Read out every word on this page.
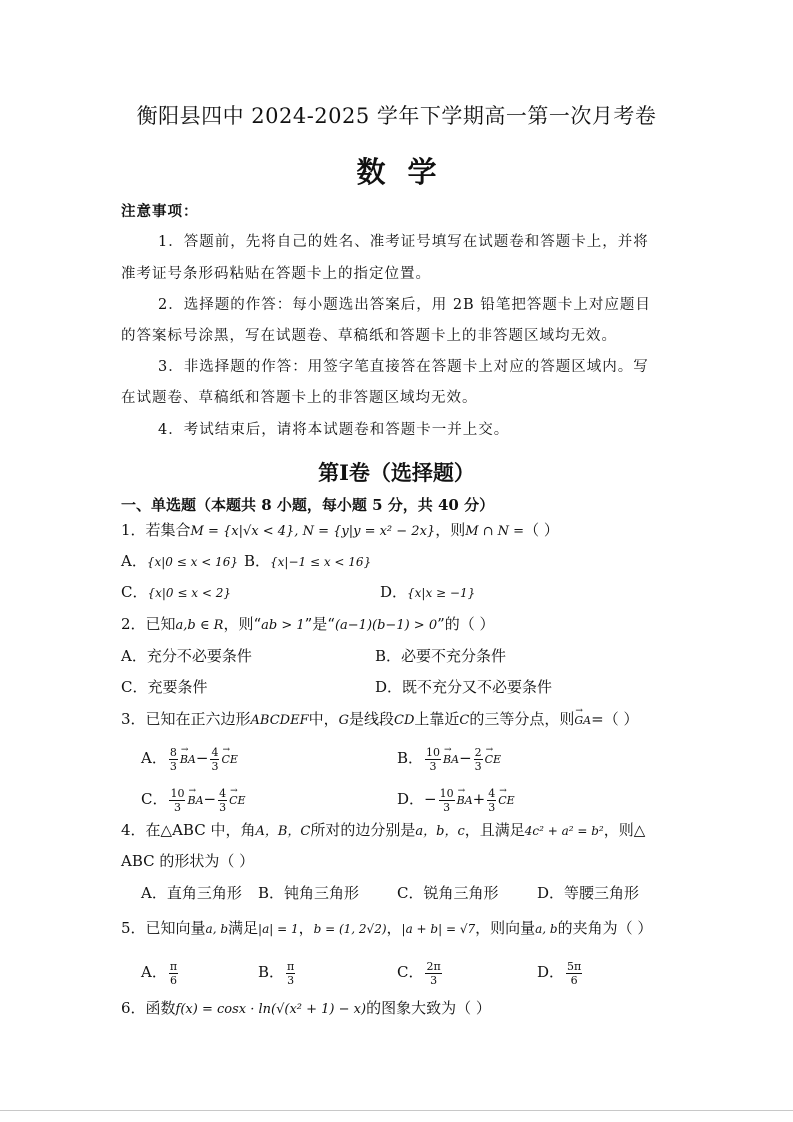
衡阳县四中 2024-2025 学年下学期高一第一次月考卷
数学
注意事项：
1．答题前，先将自己的姓名、准考证号填写在试题卷和答题卡上，并将
准考证号条形码粘贴在答题卡上的指定位置。
2．选择题的作答：每小题选出答案后，用 2B 铅笔把答题卡上对应题目
的答案标号涂黑，写在试题卷、草稿纸和答题卡上的非答题区域均无效。
3．非选择题的作答：用签字笔直接答在答题卡上对应的答题区域内。写
在试题卷、草稿纸和答题卡上的非答题区域均无效。
4．考试结束后，请将本试题卷和答题卡一并上交。
第Ⅰ卷（选择题）
一、单选题（本题共 8 小题，每小题 5 分，共 40 分）
1．若集合M = {x|√x < 4}, N = {y|y = x² − 2x}，则M ∩ N =（ ）
A．{x|0 ≤ x < 16} B．{x|−1 ≤ x < 16}
C．{x|0 ≤ x < 2}	D．{x|x ≥ −1}
2．已知a,b ∈ R，则“ab > 1”是“(a−1)(b−1) > 0”的（ ）
A．充分不必要条件	B．必要不充分条件
C．充要条件	D．既不充分又不必要条件
3．已知在正六边形ABCDEF中，G是线段CD上靠近C的三等分点，则→ GA=（ ）
A． $\frac{8}{3}$
→ $BA- \frac{4}{3}$
→ CE	B． $\frac{10}{3}$
→ $BA- \frac{2}{3}$
→ CE
C． $\frac{10}{3}$
→ $BA- \frac{4}{3}$
→ CE	D．− $\frac{10}{3}$
→ $BA+ \frac{4}{3}$
→ CE
4．在△ABC 中，角A，B，C所对的边分别是a，b，c，且满足4c² + a² = b²，则△
ABC 的形状为（ ）
A．直角三角形 B．钝角三角形	C．锐角三角形	D．等腰三角形
5．已知向量a, b满足|a| = 1，b = (1, 2√2)，|a + b| = √7，则向量a, b的夹角为（ ）
A． $\frac{\pi}{6}$	B． $\frac{\pi}{3}$	C． $\frac{2\pi}{3}$	D． $\frac{5\pi}{6}$
6．函数f(x) = cosx · ln(√(x² + 1) − x)的图象大致为（ ）
